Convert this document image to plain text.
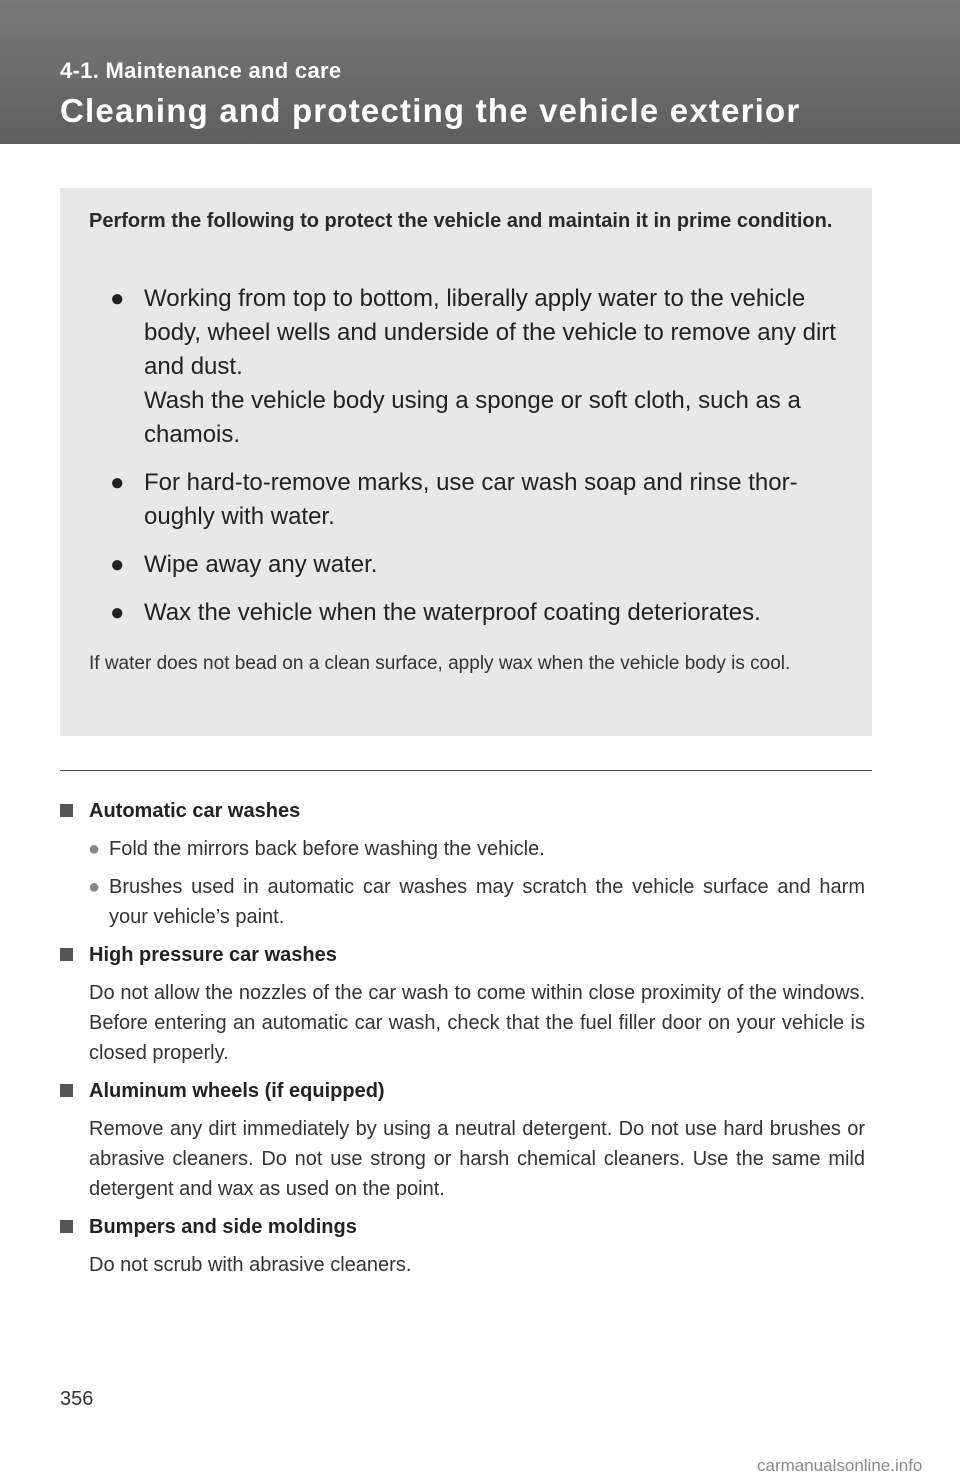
4-1. Maintenance and care
Cleaning and protecting the vehicle exterior
Perform the following to protect the vehicle and maintain it in prime condition.
● Working from top to bottom, liberally apply water to the vehicle body, wheel wells and underside of the vehicle to remove any dirt and dust.
Wash the vehicle body using a sponge or soft cloth, such as a chamois.
● For hard-to-remove marks, use car wash soap and rinse thor-oughly with water.
● Wipe away any water.
● Wax the vehicle when the waterproof coating deteriorates.
If water does not bead on a clean surface, apply wax when the vehicle body is cool.
Automatic car washes
● Fold the mirrors back before washing the vehicle.
● Brushes used in automatic car washes may scratch the vehicle surface and harm your vehicle’s paint.
High pressure car washes
Do not allow the nozzles of the car wash to come within close proximity of the windows. Before entering an automatic car wash, check that the fuel filler door on your vehicle is closed properly.
Aluminum wheels (if equipped)
Remove any dirt immediately by using a neutral detergent. Do not use hard brushes or abrasive cleaners. Do not use strong or harsh chemical cleaners. Use the same mild detergent and wax as used on the point.
Bumpers and side moldings
Do not scrub with abrasive cleaners.
356
carmanualsonline.info
